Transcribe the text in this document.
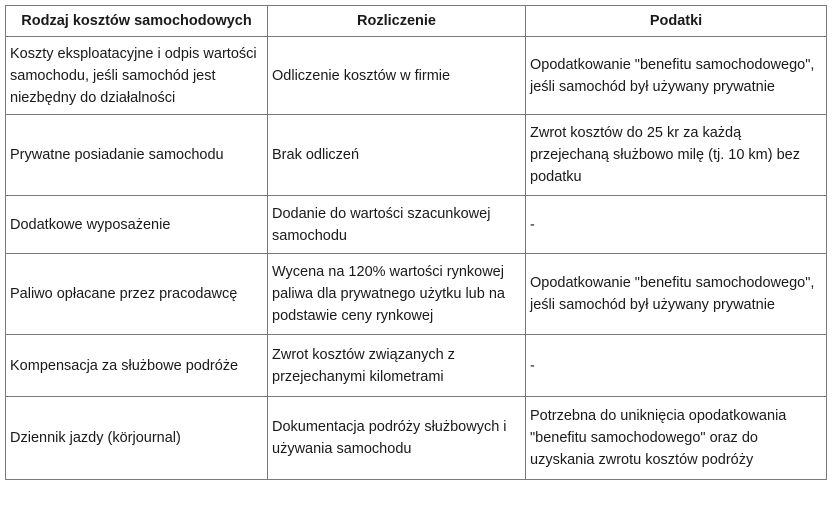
Rodzaj kosztów samochodowych	Rozliczenie	Podatki
Koszty eksploatacyjne i odpis wartości samochodu, jeśli samochód jest niezbędny do działalności	Odliczenie kosztów w firmie	Opodatkowanie "benefitu samochodowego", jeśli samochód był używany prywatnie
Prywatne posiadanie samochodu	Brak odliczeń	Zwrot kosztów do 25 kr za każdą przejechaną służbowo milę (tj. 10 km) bez podatku
Dodatkowe wyposażenie	Dodanie do wartości szacunkowej samochodu	-
Paliwo opłacane przez pracodawcę	Wycena na 120% wartości rynkowej paliwa dla prywatnego użytku lub na podstawie ceny rynkowej	Opodatkowanie "benefitu samochodowego", jeśli samochód był używany prywatnie
Kompensacja za służbowe podróże	Zwrot kosztów związanych z przejechanymi kilometrami	-
Dziennik jazdy (körjournal)	Dokumentacja podróży służbowych i używania samochodu	Potrzebna do uniknięcia opodatkowania "benefitu samochodowego" oraz do uzyskania zwrotu kosztów podróży
